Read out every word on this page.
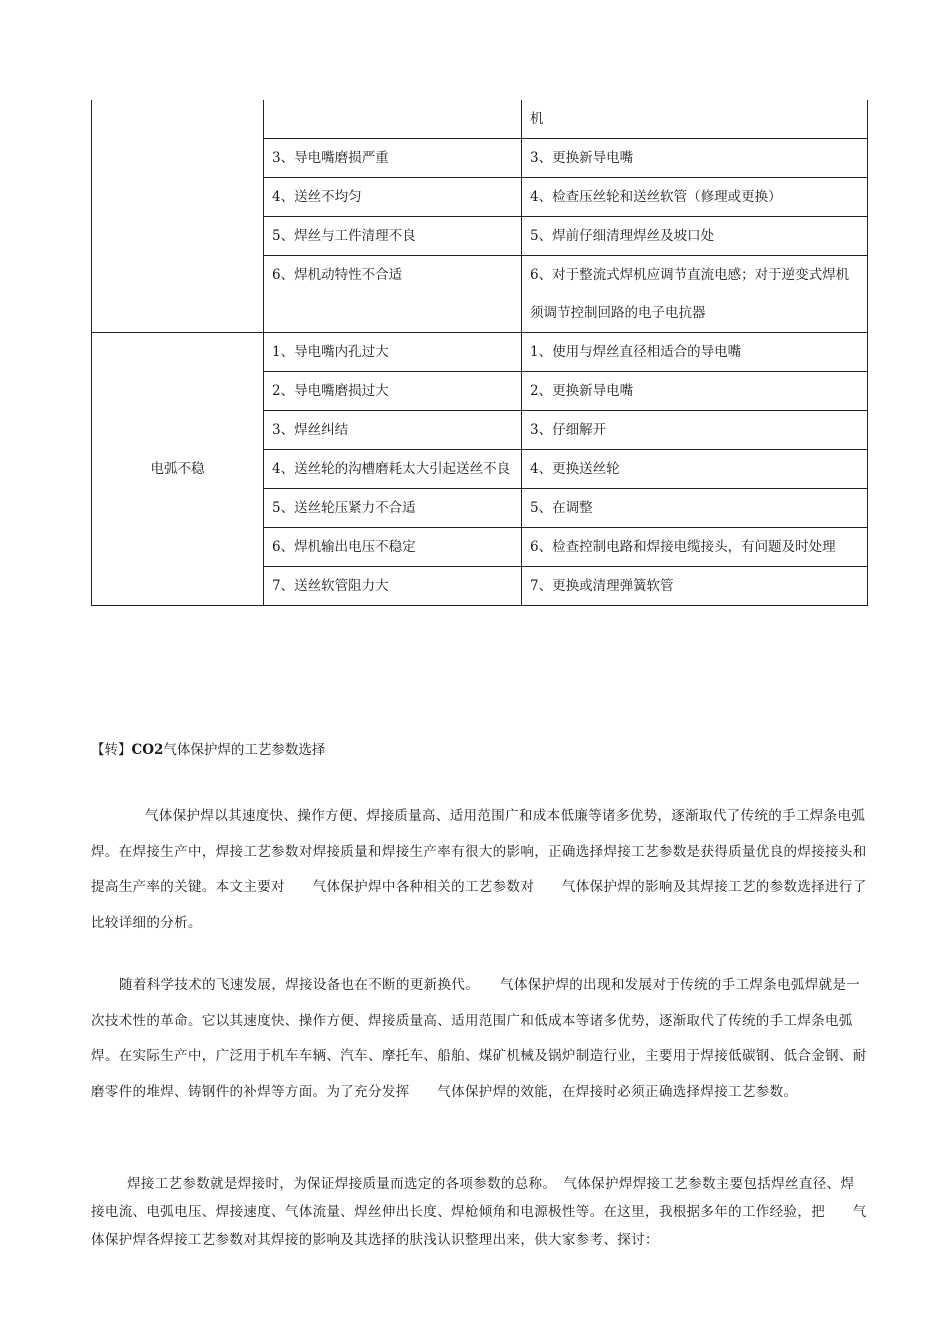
		机
	3、导电嘴磨损严重	3、更换新导电嘴
	4、送丝不均匀	4、检查压丝轮和送丝软管（修理或更换）
	5、焊丝与工件清理不良	5、焊前仔细清理焊丝及坡口处
	6、焊机动特性不合适	6、对于整流式焊机应调节直流电感；对于逆变式焊机须调节控制回路的电子电抗器
电弧不稳	1、导电嘴内孔过大	1、使用与焊丝直径相适合的导电嘴
	2、导电嘴磨损过大	2、更换新导电嘴
	3、焊丝纠结	3、仔细解开
	4、送丝轮的沟槽磨耗太大引起送丝不良	4、更换送丝轮
	5、送丝轮压紧力不合适	5、在调整
	6、焊机输出电压不稳定	6、检查控制电路和焊接电缆接头，有问题及时处理
	7、送丝软管阻力大	7、更换或清理弹簧软管
【转】CO2气体保护焊的工艺参数选择
气体保护焊以其速度快、操作方便、焊接质量高、适用范围广和成本低廉等诸多优势，逐渐取代了传统的手工焊条电弧焊。在焊接生产中，焊接工艺参数对焊接质量和焊接生产率有很大的影响，正确选择焊接工艺参数是获得质量优良的焊接接头和提高生产率的关键。本文主要对　　气体保护焊中各种相关的工艺参数对　　气体保护焊的影响及其焊接工艺的参数选择进行了比较详细的分析。
随着科学技术的飞速发展，焊接设备也在不断的更新换代。　　气体保护焊的出现和发展对于传统的手工焊条电弧焊就是一次技术性的革命。它以其速度快、操作方便、焊接质量高、适用范围广和低成本等诸多优势，逐渐取代了传统的手工焊条电弧焊。在实际生产中，广泛用于机车车辆、汽车、摩托车、船舶、煤矿机械及锅炉制造行业，主要用于焊接低碳钢、低合金钢、耐磨零件的堆焊、铸钢件的补焊等方面。为了充分发挥　　气体保护焊的效能，在焊接时必须正确选择焊接工艺参数。
焊接工艺参数就是焊接时，为保证焊接质量而选定的各项参数的总称。　气体保护焊焊接工艺参数主要包括焊丝直径、焊接电流、电弧电压、焊接速度、气体流量、焊丝伸出长度、焊枪倾角和电源极性等。在这里，我根据多年的工作经验，把　　气体保护焊各焊接工艺参数对其焊接的影响及其选择的肤浅认识整理出来，供大家参考、探讨：
